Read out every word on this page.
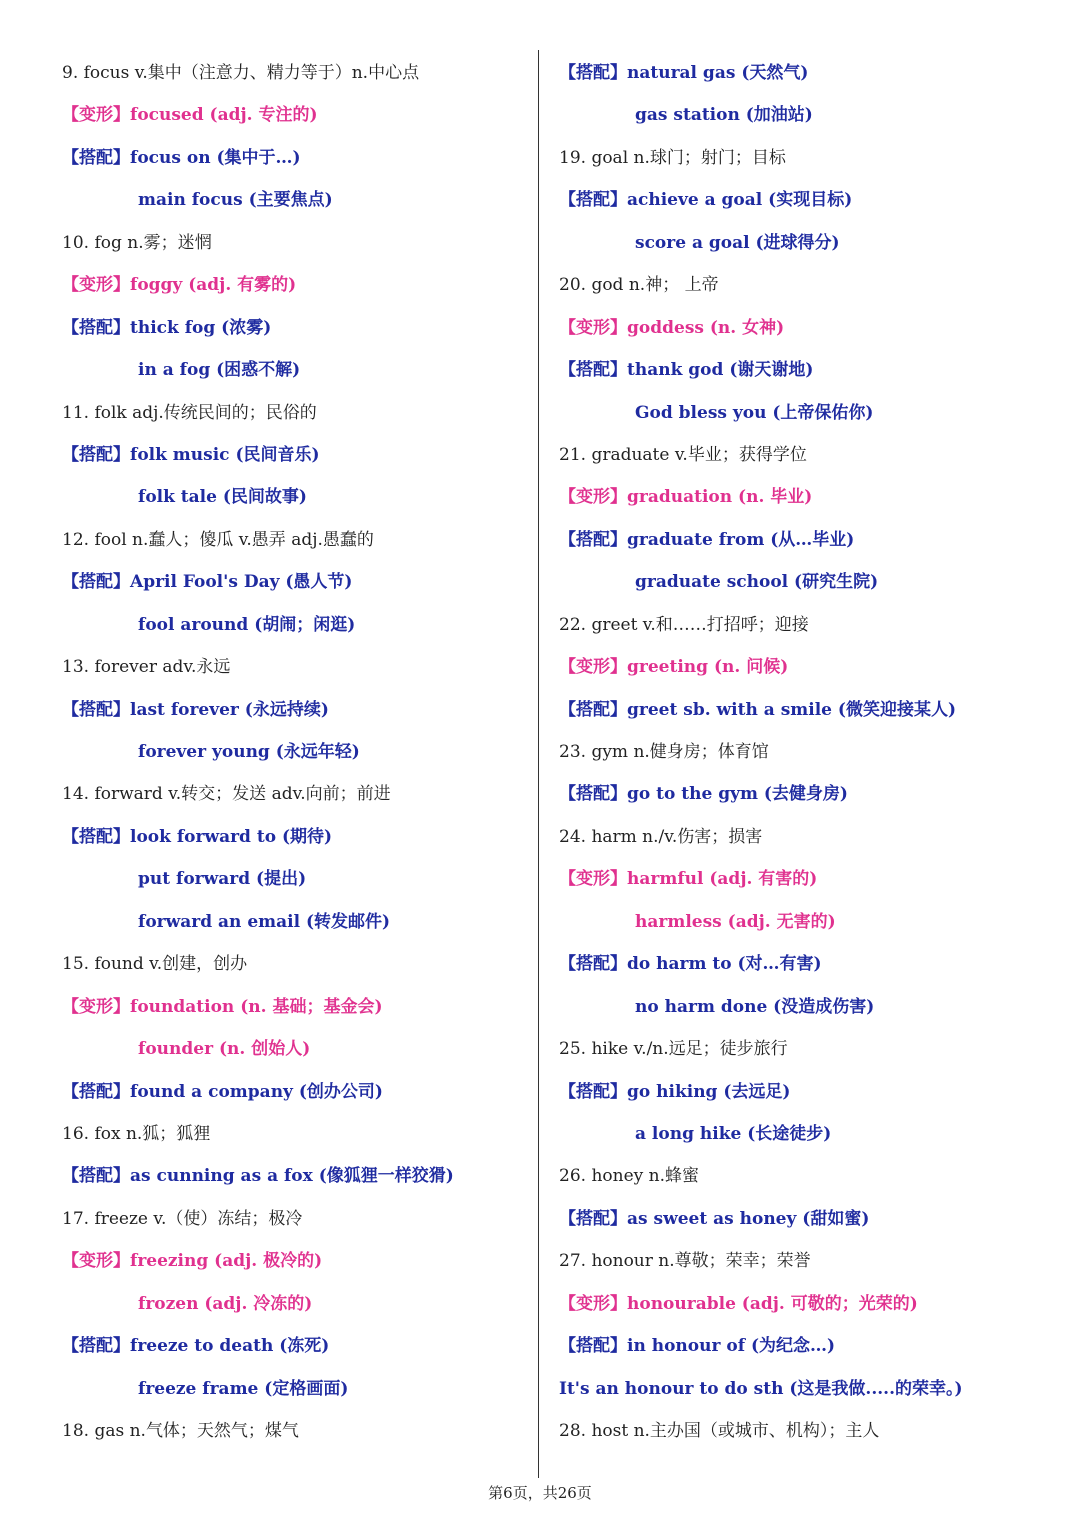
9. focus v.集中（注意力、精力等于）n.中心点
【变形】focused (adj. 专注的)
【搭配】focus on (集中于…)
main focus (主要焦点)
10. fog n.雾；迷惘
【变形】foggy (adj. 有雾的)
【搭配】thick fog (浓雾)
in a fog (困惑不解)
11. folk adj.传统民间的；民俗的
【搭配】folk music (民间音乐)
folk tale (民间故事)
12. fool n.蠢人；傻瓜 v.愚弄 adj.愚蠢的
【搭配】April Fool's Day (愚人节)
fool around (胡闹；闲逛)
13. forever adv.永远
【搭配】last forever (永远持续)
forever young (永远年轻)
14. forward v.转交；发送 adv.向前；前进
【搭配】look forward to (期待)
put forward (提出)
forward an email (转发邮件)
15. found v.创建，创办
【变形】foundation (n. 基础；基金会)
founder (n. 创始人)
【搭配】found a company (创办公司)
16. fox n.狐；狐狸
【搭配】as cunning as a fox (像狐狸一样狡猾)
17. freeze v.（使）冻结；极冷
【变形】freezing (adj. 极冷的)
frozen (adj. 冷冻的)
【搭配】freeze to death (冻死)
freeze frame (定格画面)
18. gas n.气体；天然气；煤气
【搭配】natural gas (天然气)
gas station (加油站)
19. goal n.球门；射门；目标
【搭配】achieve a goal (实现目标)
score a goal (进球得分)
20. god n.神； 上帝
【变形】goddess (n. 女神)
【搭配】thank god (谢天谢地)
God bless you (上帝保佑你)
21. graduate v.毕业；获得学位
【变形】graduation (n. 毕业)
【搭配】graduate from (从…毕业)
graduate school (研究生院)
22. greet v.和……打招呼；迎接
【变形】greeting (n. 问候)
【搭配】greet sb. with a smile (微笑迎接某人)
23. gym n.健身房；体育馆
【搭配】go to the gym (去健身房)
24. harm n./v.伤害；损害
【变形】harmful (adj. 有害的)
harmless (adj. 无害的)
【搭配】do harm to (对…有害)
no harm done (没造成伤害)
25. hike v./n.远足；徒步旅行
【搭配】go hiking (去远足)
a long hike (长途徒步)
26. honey n.蜂蜜
【搭配】as sweet as honey (甜如蜜)
27. honour n.尊敬；荣幸；荣誉
【变形】honourable (adj. 可敬的；光荣的)
【搭配】in honour of (为纪念…)
It's an honour to do sth (这是我做.....的荣幸。)
28. host n.主办国（或城市、机构）；主人
第6页，共26页
